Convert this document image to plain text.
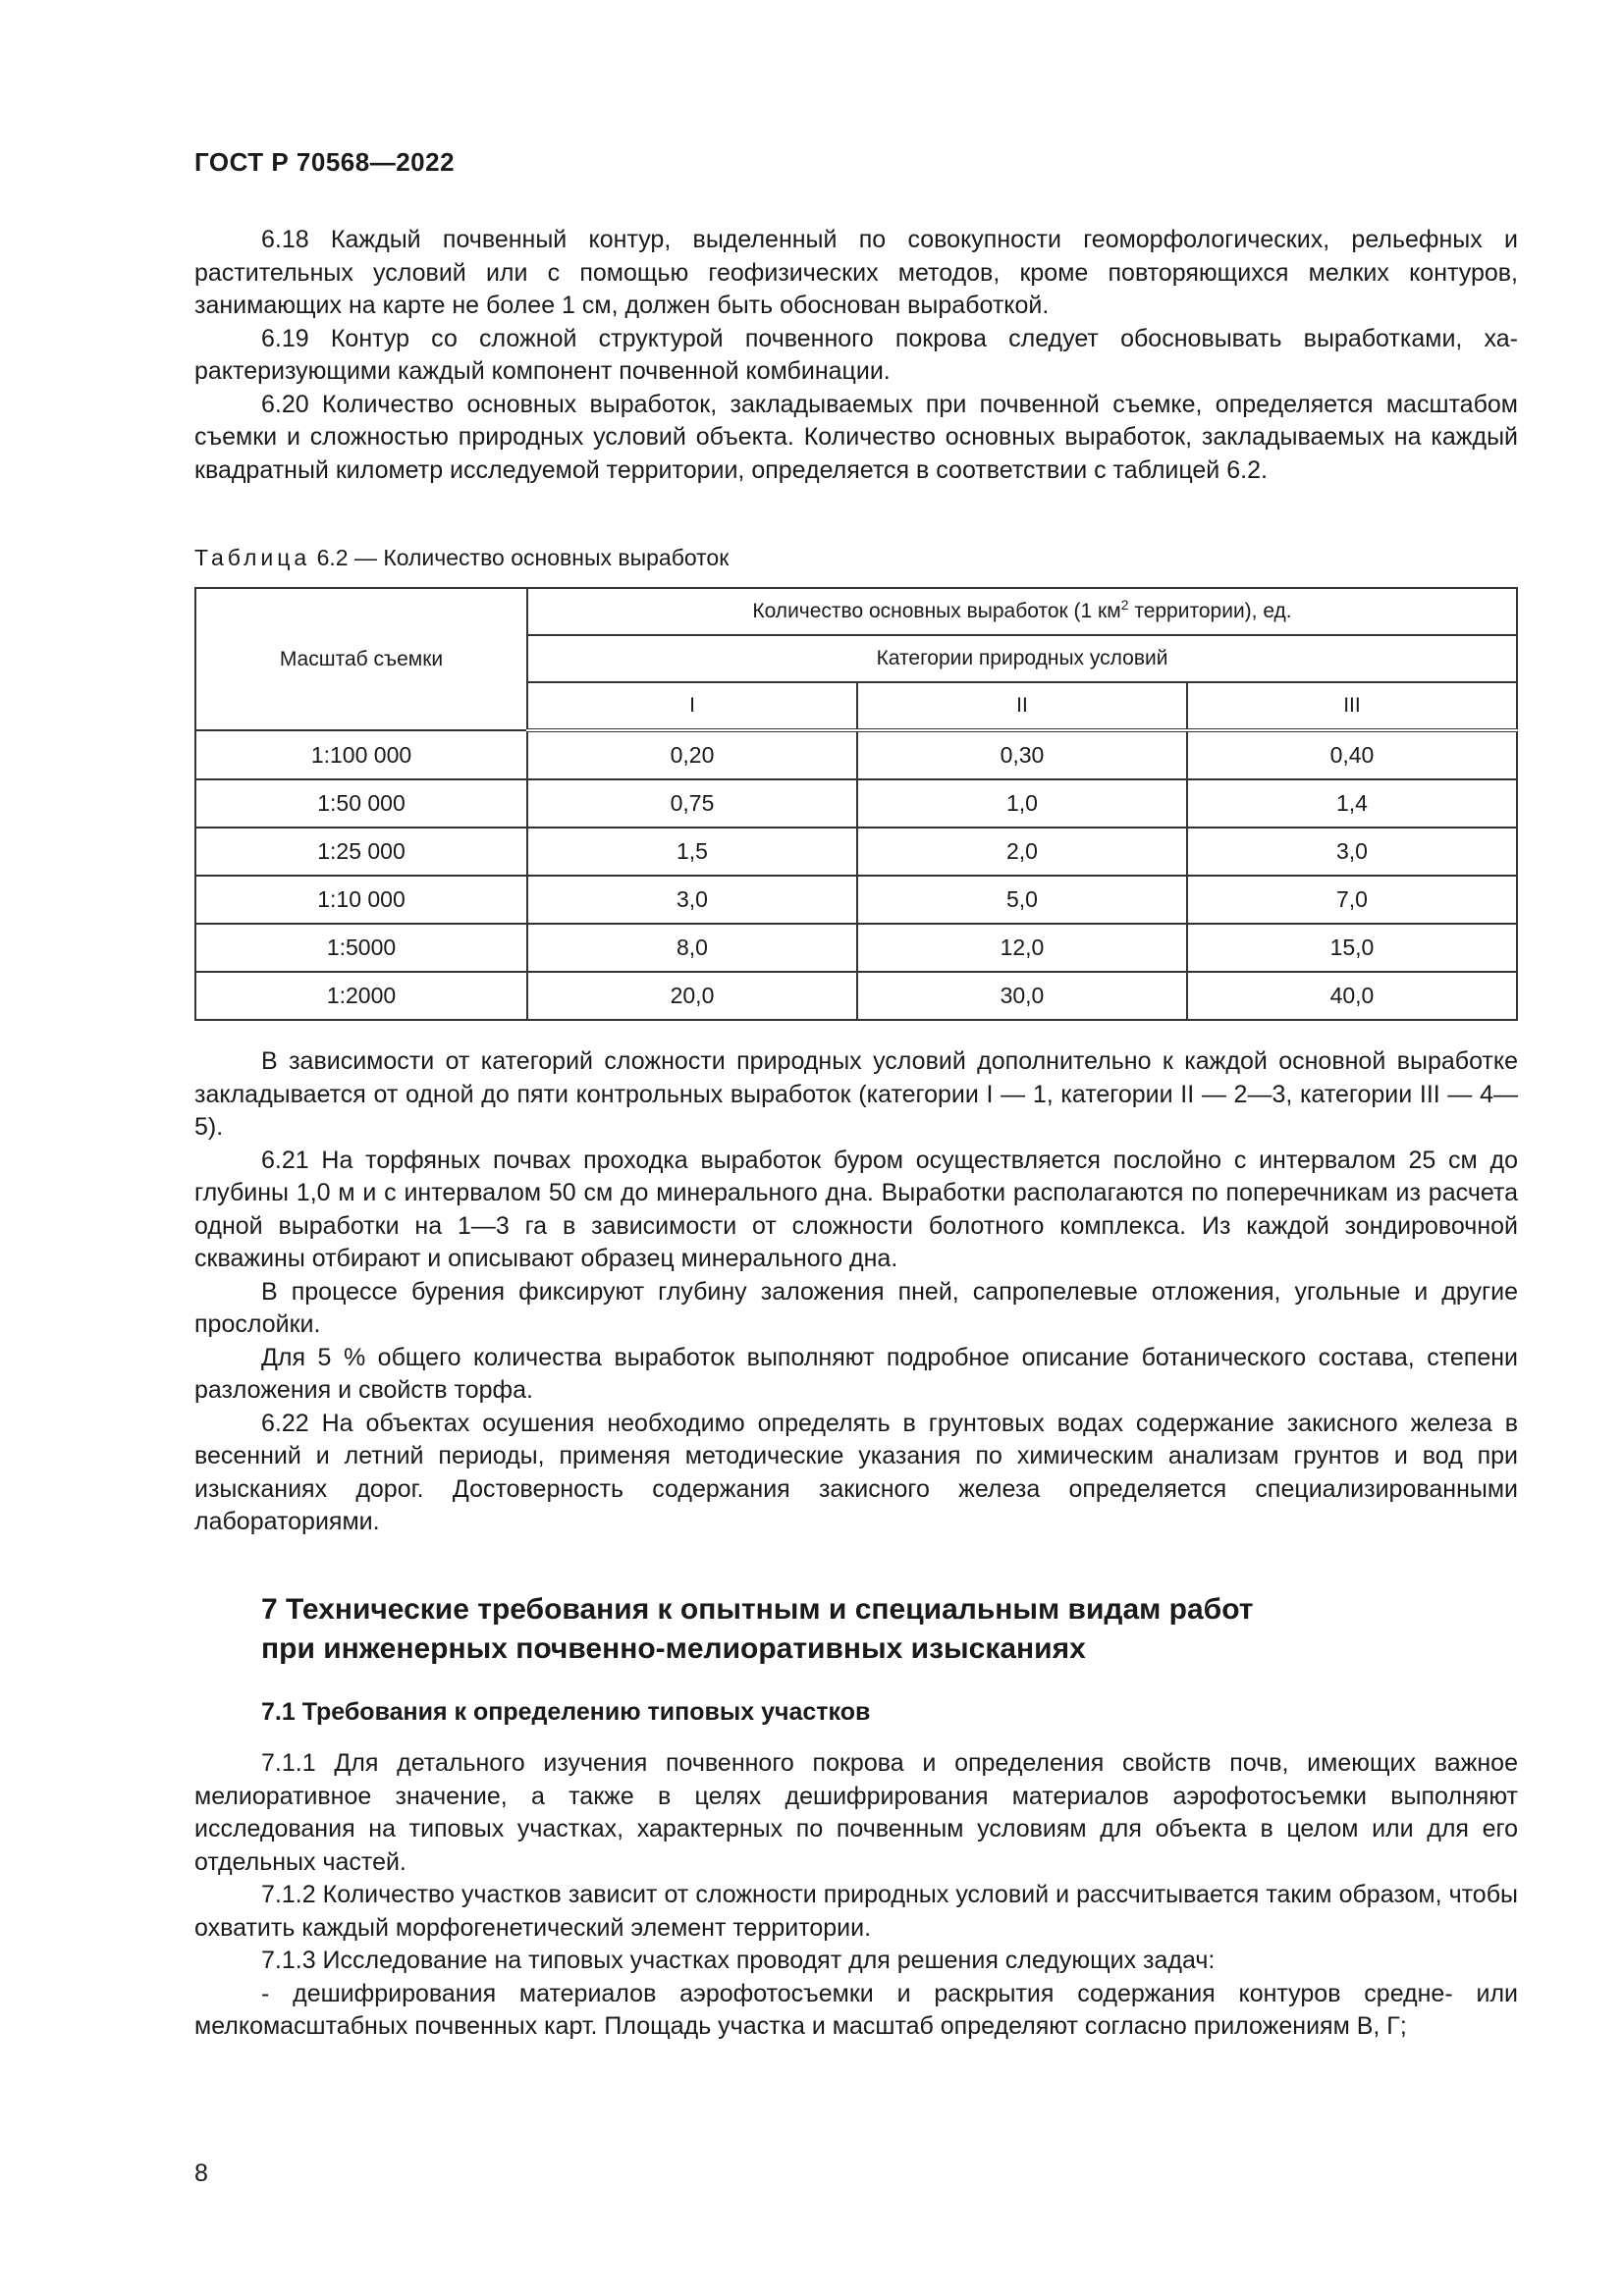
ГОСТ Р 70568—2022

6.18 Каждый почвенный контур, выделенный по совокупности геоморфологических, рельефных и растительных условий или с помощью геофизических методов, кроме повторяющихся мелких контуров, занимающих на карте не более 1 см, должен быть обоснован выработкой.

6.19 Контур со сложной структурой почвенного покрова следует обосновывать выработками, характеризующими каждый компонент почвенной комбинации.

6.20 Количество основных выработок, закладываемых при почвенной съемке, определяется масштабом съемки и сложностью природных условий объекта. Количество основных выработок, закладываемых на каждый квадратный километр исследуемой территории, определяется в соответствии с таблицей 6.2.

Таблица 6.2 — Количество основных выработок
Масштаб съемки	Количество основных выработок (1 $км^2$ территории), ед.		
	Категории природных условий		
	I	II	III
1:100 000	0,20	0,30	0,40
1:50 000	0,75	1,0	1,4
1:25 000	1,5	2,0	3,0
1:10 000	3,0	5,0	7,0
1:5000	8,0	12,0	15,0
1:2000	20,0	30,0	40,0

В зависимости от категорий сложности природных условий дополнительно к каждой основной выработке закладывается от одной до пяти контрольных выработок (категории I — 1, категории II — 2—3, категории III — 4—5).

6.21 На торфяных почвах проходка выработок буром осуществляется послойно с интервалом 25 см до глубины 1,0 м и с интервалом 50 см до минерального дна. Выработки располагаются по поперечникам из расчета одной выработки на 1—3 га в зависимости от сложности болотного комплекса. Из каждой зондировочной скважины отбирают и описывают образец минерального дна.

В процессе бурения фиксируют глубину заложения пней, сапропелевые отложения, угольные и другие прослойки.

Для 5 % общего количества выработок выполняют подробное описание ботанического состава, степени разложения и свойств торфа.

6.22 На объектах осушения необходимо определять в грунтовых водах содержание закисного железа в весенний и летний периоды, применяя методические указания по химическим анализам грунтов и вод при изысканиях дорог. Достоверность содержания закисного железа определяется специализированными лабораториями.

7 Технические требования к опытным и специальным видам работ
при инженерных почвенно-мелиоративных изысканиях
7.1 Требования к определению типовых участков

7.1.1 Для детального изучения почвенного покрова и определения свойств почв, имеющих важное мелиоративное значение, а также в целях дешифрирования материалов аэрофотосъемки выполняют исследования на типовых участках, характерных по почвенным условиям для объекта в целом или для его отдельных частей.

7.1.2 Количество участков зависит от сложности природных условий и рассчитывается таким образом, чтобы охватить каждый морфогенетический элемент территории.

7.1.3 Исследование на типовых участках проводят для решения следующих задач:

- дешифрирования материалов аэрофотосъемки и раскрытия содержания контуров средне- или мелкомасштабных почвенных карт. Площадь участка и масштаб определяют согласно приложениям В, Г;

8
